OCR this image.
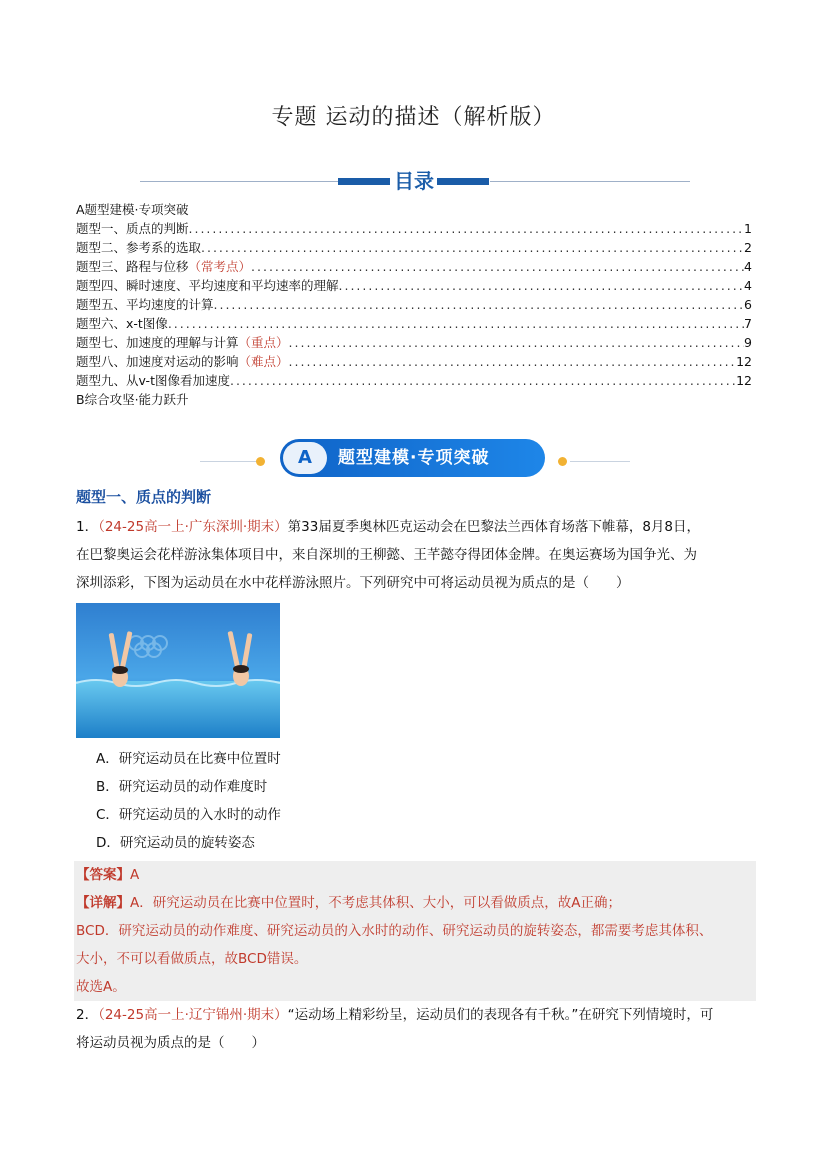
专题 运动的描述（解析版）
目录
A题型建模·专项突破
题型一、质点的判断 .....	1
题型二、参考系的选取 .....	2
题型三、路程与位移（常考点） .....	4
题型四、瞬时速度、平均速度和平均速率的理解 .....	4
题型五、平均速度的计算 .....	6
题型六、x-t图像 .....	7
题型七、加速度的理解与计算（重点） .....	9
题型八、加速度对运动的影响（难点） .....	12
题型九、从v-t图像看加速度 .....	12
B综合攻坚·能力跃升
A	题型建模·专项突破
题型一、质点的判断
1．（24-25高一上·广东深圳·期末）第33届夏季奥林匹克运动会在巴黎法兰西体育场落下帷幕，8月8日，
在巴黎奥运会花样游泳集体项目中，来自深圳的王柳懿、王芊懿夺得团体金牌。在奥运赛场为国争光、为
深圳添彩，下图为运动员在水中花样游泳照片。下列研究中可将运动员视为质点的是（　　）
A．研究运动员在比赛中位置时
B．研究运动员的动作难度时
C．研究运动员的入水时的动作
D．研究运动员的旋转姿态
【答案】A
【详解】A．研究运动员在比赛中位置时，不考虑其体积、大小，可以看做质点，故A正确；
BCD．研究运动员的动作难度、研究运动员的入水时的动作、研究运动员的旋转姿态，都需要考虑其体积、
大小，不可以看做质点，故BCD错误。
故选A。
2．（24-25高一上·辽宁锦州·期末）“运动场上精彩纷呈，运动员们的表现各有千秋。”在研究下列情境时，可
将运动员视为质点的是（　　）
